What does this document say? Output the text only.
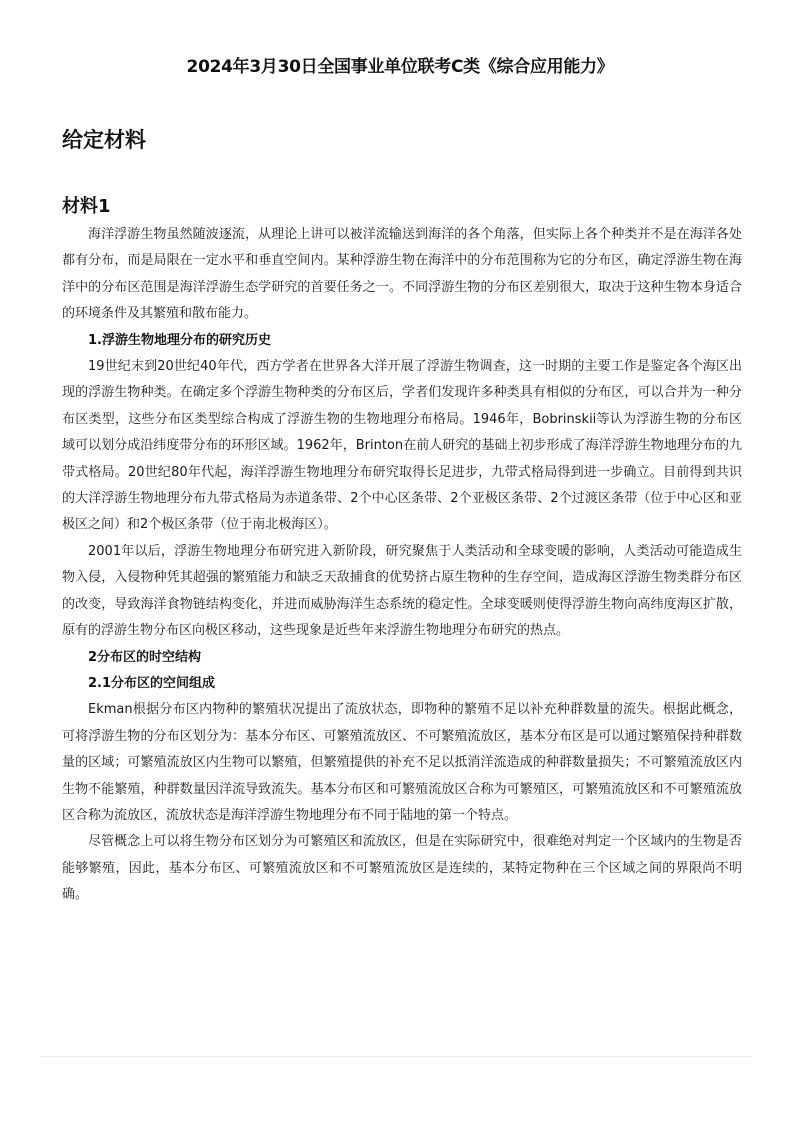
2024年3月30日全国事业单位联考C类《综合应用能力》
给定材料
材料1

海洋浮游生物虽然随波逐流，从理论上讲可以被洋流输送到海洋的各个角落，但实际上各个种类并不是在海洋各处都有分布，而是局限在一定水平和垂直空间内。某种浮游生物在海洋中的分布范围称为它的分布区，确定浮游生物在海洋中的分布区范围是海洋浮游生态学研究的首要任务之一。不同浮游生物的分布区差别很大，取决于这种生物本身适合的环境条件及其繁殖和散布能力。

1.浮游生物地理分布的研究历史

19世纪末到20世纪40年代，西方学者在世界各大洋开展了浮游生物调查，这一时期的主要工作是鉴定各个海区出现的浮游生物种类。在确定多个浮游生物种类的分布区后，学者们发现许多种类具有相似的分布区，可以合并为一种分布区类型，这些分布区类型综合构成了浮游生物的生物地理分布格局。1946年，Bobrinskii等认为浮游生物的分布区域可以划分成沿纬度带分布的环形区域。1962年，Brinton在前人研究的基础上初步形成了海洋浮游生物地理分布的九带式格局。20世纪80年代起，海洋浮游生物地理分布研究取得长足进步，九带式格局得到进一步确立。目前得到共识的大洋浮游生物地理分布九带式格局为赤道条带、2个中心区条带、2个亚极区条带、2个过渡区条带（位于中心区和亚极区之间）和2个极区条带（位于南北极海区）。

2001年以后，浮游生物地理分布研究进入新阶段，研究聚焦于人类活动和全球变暖的影响，人类活动可能造成生物入侵，入侵物种凭其超强的繁殖能力和缺乏天敌捕食的优势挤占原生物种的生存空间，造成海区浮游生物类群分布区的改变，导致海洋食物链结构变化，并进而威胁海洋生态系统的稳定性。全球变暖则使得浮游生物向高纬度海区扩散，原有的浮游生物分布区向极区移动，这些现象是近些年来浮游生物地理分布研究的热点。

2分布区的时空结构
2.1分布区的空间组成

Ekman根据分布区内物种的繁殖状况提出了流放状态，即物种的繁殖不足以补充种群数量的流失。根据此概念，可将浮游生物的分布区划分为：基本分布区、可繁殖流放区、不可繁殖流放区，基本分布区是可以通过繁殖保持种群数量的区域；可繁殖流放区内生物可以繁殖，但繁殖提供的补充不足以抵消洋流造成的种群数量损失；不可繁殖流放区内生物不能繁殖，种群数量因洋流导致流失。基本分布区和可繁殖流放区合称为可繁殖区，可繁殖流放区和不可繁殖流放区合称为流放区，流放状态是海洋浮游生物地理分布不同于陆地的第一个特点。

尽管概念上可以将生物分布区划分为可繁殖区和流放区，但是在实际研究中，很难绝对判定一个区域内的生物是否能够繁殖，因此，基本分布区、可繁殖流放区和不可繁殖流放区是连续的，某特定物种在三个区域之间的界限尚不明确。
